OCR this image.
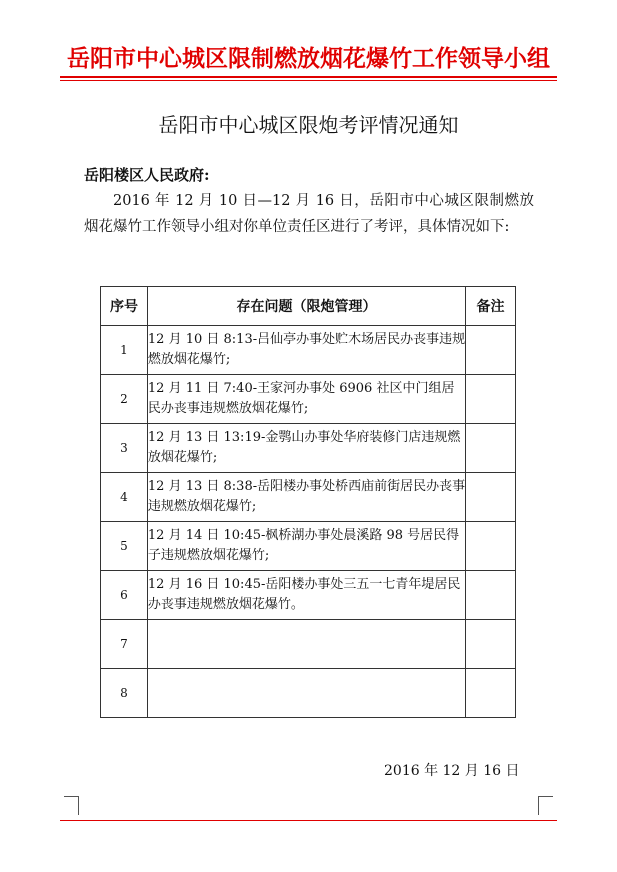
岳阳市中心城区限制燃放烟花爆竹工作领导小组
岳阳市中心城区限炮考评情况通知
岳阳楼区人民政府:
2016 年 12 月 10 日—12 月 16 日，岳阳市中心城区限制燃放烟花爆竹工作领导小组对你单位责任区进行了考评，具体情况如下:
序号	存在问题（限炮管理）	备注
1	12 月 10 日 8:13-吕仙亭办事处贮木场居民办丧事违规燃放烟花爆竹;	
2	12 月 11 日 7:40-王家河办事处 6906 社区中门组居民办丧事违规燃放烟花爆竹;	
3	12 月 13 日 13:19-金鹗山办事处华府装修门店违规燃放烟花爆竹;	
4	12 月 13 日 8:38-岳阳楼办事处桥西庙前街居民办丧事违规燃放烟花爆竹;	
5	12 月 14 日 10:45-枫桥湖办事处晨溪路 98 号居民得子违规燃放烟花爆竹;	
6	12 月 16 日 10:45-岳阳楼办事处三五一七青年堤居民办丧事违规燃放烟花爆竹。	
7		
8		
2016 年 12 月 16 日
